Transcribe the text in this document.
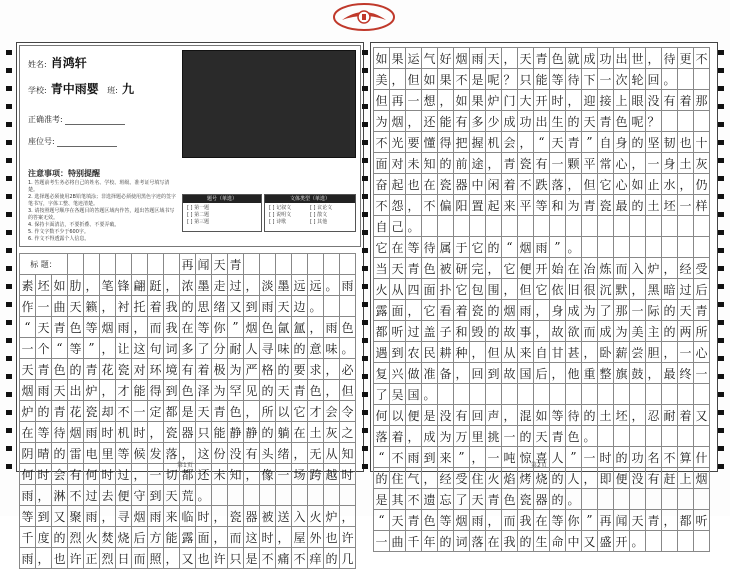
姓名: 肖鸿轩
学校: 青中雨婴 班: 九
正确准考:
座位号:
注意事项：特别提醒
1. 答题前考生务必将自己的姓名、学校、班级、准考证号填写清楚。
2. 选择题必须使用2B铅笔填涂；非选择题必须使用黑色字迹的签字笔书写，字体工整、笔迹清楚。
3. 请按照题号顺序在各题目的答题区域内作答，超出答题区域书写的答案无效。
4. 保持卡面清洁，不要折叠、不要弄破。
5. 作文字数不少于600字。
6. 作文不得透露个人信息。
题号（单选）
[ ] 第一题
[ ] 第二题
[ ] 第三题
文体类型（单选）
[ ] 记叙文	[ ] 议论文
[ ] 说明文	[ ] 散文
[ ] 诗歌	[ ] 其他
标 题：	再 闻 天 青
素 坯 如 肋 ， 笔 锋 翩 跹 ， 浓 墨 走 过 ， 淡 墨 远 远 。 雨
作 一 曲 天 籁 ， 衬 托 着 我 的 思 绪 又 到 雨 天 边 。
“ 天 青 色 等 烟 雨 ， 而 我 在 等 你 ” 烟 色 氤 氲 ， 雨 色
一 个 “ 等 ” ， 让 这 句 词 多 了 分 耐 人 寻 味 的 意 味 。
天 青 色 的 青 花 瓷 对 环 境 有 着 极 为 严 格 的 要 求 ， 必
烟 雨 天 出 炉 ， 才 能 得 到 色 泽 为 罕 见 的 天 青 色 ， 但
炉 的 青 花 瓷 却 不 一 定 都 是 天 青 色 ， 所 以 它 才 会 令
在 等 待 烟 雨 时 机 时 ， 瓷 器 只 能 静 静 的 躺 在 土 灰 之
阴 晴 的 雷 电 里 等 候 发 落 ， 这 份 没 有 头 绪 ， 无 从 知
何 时 会 有 何 时 过 ， 一 切 都 还 未 知 ， 像 一 场 跨 越 时
雨 ， 淋 不 过 去 便 守 到 天 荒 。
等 到 又 聚 雨 ， 寻 烟 雨 来 临 时 ， 瓷 器 被 送 入 火 炉 ，
千 度 的 烈 火 焚 烧 后 方 能 露 面 ， 而 这 时 ， 屋 外 也 许
雨 ， 也 许 正 烈 日 而 照 ， 又 也 许 只 是 不 痛 不 痒 的 几
第1页
如 果 运 气 好 烟 雨 天 ， 天 青 色 就 成 功 出 世 ， 待 更 不
美 ， 但 如 果 不 是 呢 ？ 只 能 等 待 下 一 次 轮 回 。
但 再 一 想 ， 如 果 炉 门 大 开 时 ， 迎 接 上 眼 没 有 着 那
为 烟 ， 还 能 有 多 少 成 功 出 生 的 天 青 色 呢 ？
不 光 要 懂 得 把 握 机 会 ， “ 天 青 ” 自 身 的 坚 韧 也 十
面 对 未 知 的 前 途 ， 青 瓷 有 一 颗 平 常 心 ， 一 身 土 灰
奋 起 也 在 瓷 器 中 闲 着 不 跌 落 ， 但 它 心 如 止 水 ， 仍
不 怨 ， 不 偏 阳 置 起 来 平 等 和 为 青 瓷 最 的 土 坯 一 样
自 己 。
它 在 等 待 属 于 它 的 “ 烟 雨 ” 。
当 天 青 色 被 研 完 ， 它 便 开 始 在 冶 炼 而 入 炉 ， 经 受
火 从 四 面 扑 它 包 围 ， 但 它 依 旧 很 沉 默 ， 黑 暗 过 后
露 面 ， 它 看 着 瓷 的 烟 雨 ， 身 成 为 了 那 一 际 的 天 青
都 听 过 盖 子 和 毁 的 故 事 ， 故 欲 而 成 为 美 主 的 两 所
遇 到 农 民 耕 种 ， 但 从 来 自 甘 甚 ， 卧 薪 尝 胆 ， 一 心
复 兴 做 准 备 ， 回 到 故 国 后 ， 他 重 整 旗 鼓 ， 最 终 一
了 吴 国 。
何 以 便 是 没 有 回 声 ， 混 如 等 待 的 土 坯 ， 忍 耐 着 又
落 着 ， 成 为 万 里 挑 一 的 天 青 色 。
“ 不 雨 到 来 ” ， 一 吨 惊 喜 人 ” 一 时 的 功 名 不 算 什
的 住 气 ， 经 受 住 火 焰 烤 烧 的 人 ， 即 便 没 有 赶 上 烟
是 其 不 遗 忘 了 天 青 色 瓷 器 的 。
“ 天 青 色 等 烟 雨 ， 而 我 在 等 你 ” 再 闻 天 青 ， 都 听
一 曲 千 年 的 词 落 在 我 的 生 命 中 又 盛 开 。
第2页
